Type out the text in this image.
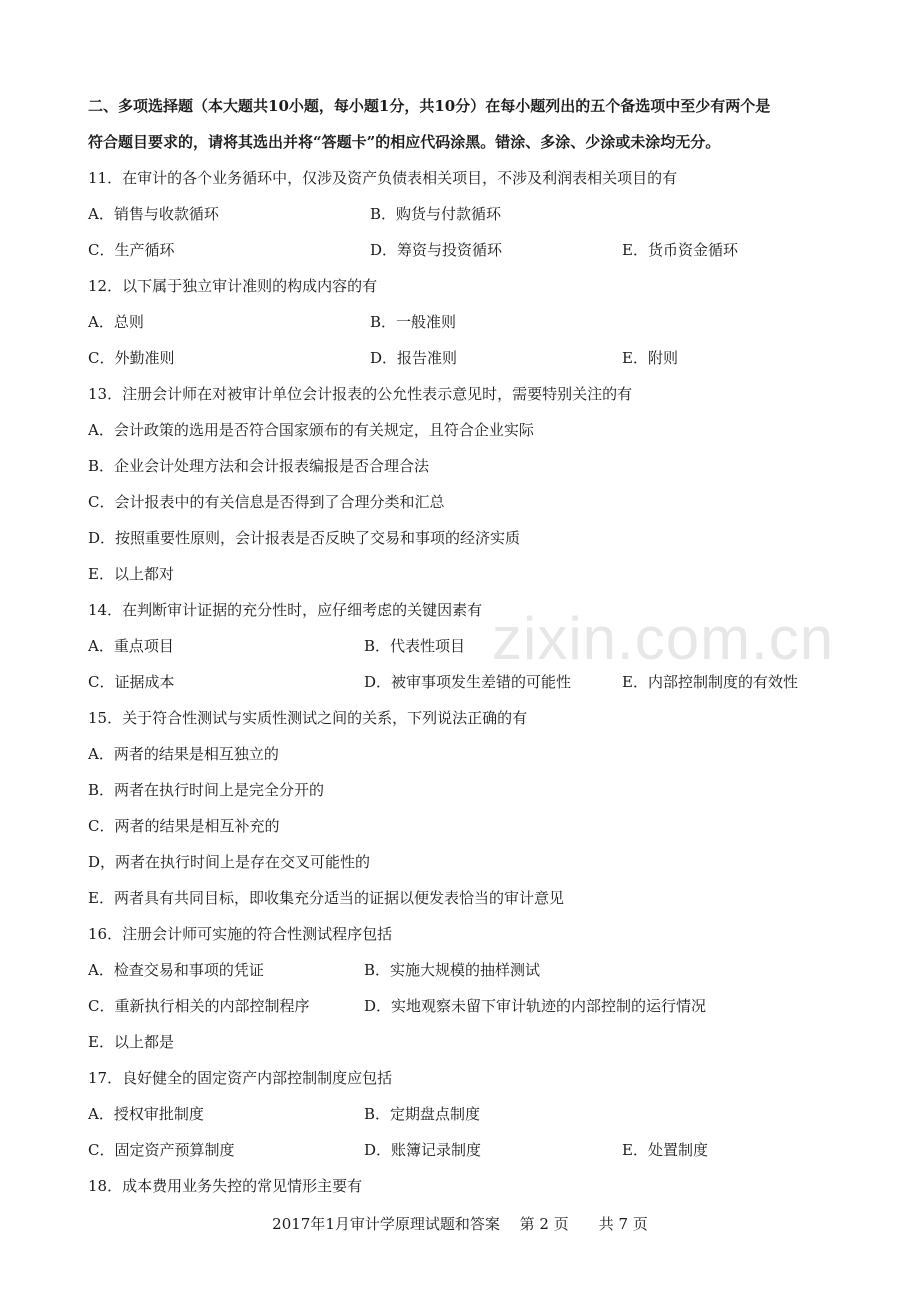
zixin.com.cn
二、多项选择题（本大题共10小题，每小题1分，共10分）在每小题列出的五个备选项中至少有两个是
符合题目要求的，请将其选出并将“答题卡”的相应代码涂黑。错涂、多涂、少涂或未涂均无分。
11．在审计的各个业务循环中，仅涉及资产负债表相关项目，不涉及利润表相关项目的有
A．销售与收款循环	B．购货与付款循环
C．生产循环	D．筹资与投资循环	E．货币资金循环
12．以下属于独立审计准则的构成内容的有
A．总则	B．一般准则
C．外勤准则	D．报告准则	E．附则
13．注册会计师在对被审计单位会计报表的公允性表示意见时，需要特别关注的有
A．会计政策的选用是否符合国家颁布的有关规定，且符合企业实际
B．企业会计处理方法和会计报表编报是否合理合法
C．会计报表中的有关信息是否得到了合理分类和汇总
D．按照重要性原则，会计报表是否反映了交易和事项的经济实质
E．以上都对
14．在判断审计证据的充分性时，应仔细考虑的关键因素有
A．重点项目	B．代表性项目
C．证据成本	D．被审事项发生差错的可能性	E．内部控制制度的有效性
15．关于符合性测试与实质性测试之间的关系，下列说法正确的有
A．两者的结果是相互独立的
B．两者在执行时间上是完全分开的
C．两者的结果是相互补充的
D，两者在执行时间上是存在交叉可能性的
E．两者具有共同目标，即收集充分适当的证据以便发表恰当的审计意见
16．注册会计师可实施的符合性测试程序包括
A．检查交易和事项的凭证	B．实施大规模的抽样测试
C．重新执行相关的内部控制程序	D．实地观察未留下审计轨迹的内部控制的运行情况
E．以上都是
17．良好健全的固定资产内部控制制度应包括
A．授权审批制度	B．定期盘点制度
C．固定资产预算制度	D．账簿记录制度	E．处置制度
18．成本费用业务失控的常见情形主要有
2017年1月审计学原理试题和答案　 第 2 页　　共 7 页
